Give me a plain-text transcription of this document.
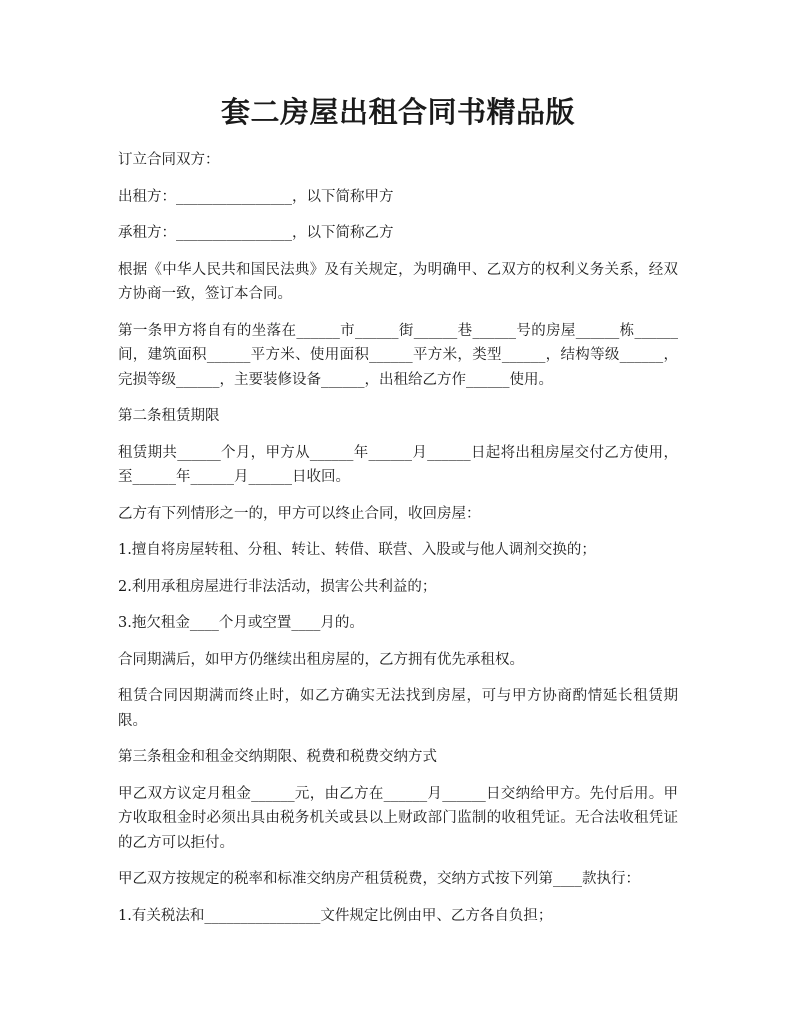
套二房屋出租合同书精品版

订立合同双方：

出租方：________________，以下简称甲方

承租方：________________，以下简称乙方

根据《中华人民共和国民法典》及有关规定，为明确甲、乙双方的权利义务关系，经双方协商一致，签订本合同。

第一条甲方将自有的坐落在______市______街______巷______号的房屋______栋______间，建筑面积______平方米、使用面积______平方米，类型______，结构等级______，完损等级______，主要装修设备______，出租给乙方作______使用。

第二条租赁期限

租赁期共______个月，甲方从______年______月______日起将出租房屋交付乙方使用，至______年______月______日收回。

乙方有下列情形之一的，甲方可以终止合同，收回房屋：

1.擅自将房屋转租、分租、转让、转借、联营、入股或与他人调剂交换的；

2.利用承租房屋进行非法活动，损害公共利益的；

3.拖欠租金____个月或空置____月的。

合同期满后，如甲方仍继续出租房屋的，乙方拥有优先承租权。

租赁合同因期满而终止时，如乙方确实无法找到房屋，可与甲方协商酌情延长租赁期限。

第三条租金和租金交纳期限、税费和税费交纳方式

甲乙双方议定月租金______元，由乙方在______月______日交纳给甲方。先付后用。甲方收取租金时必须出具由税务机关或县以上财政部门监制的收租凭证。无合法收租凭证的乙方可以拒付。

甲乙双方按规定的税率和标准交纳房产租赁税费，交纳方式按下列第____款执行：

1.有关税法和________________文件规定比例由甲、乙方各自负担；
